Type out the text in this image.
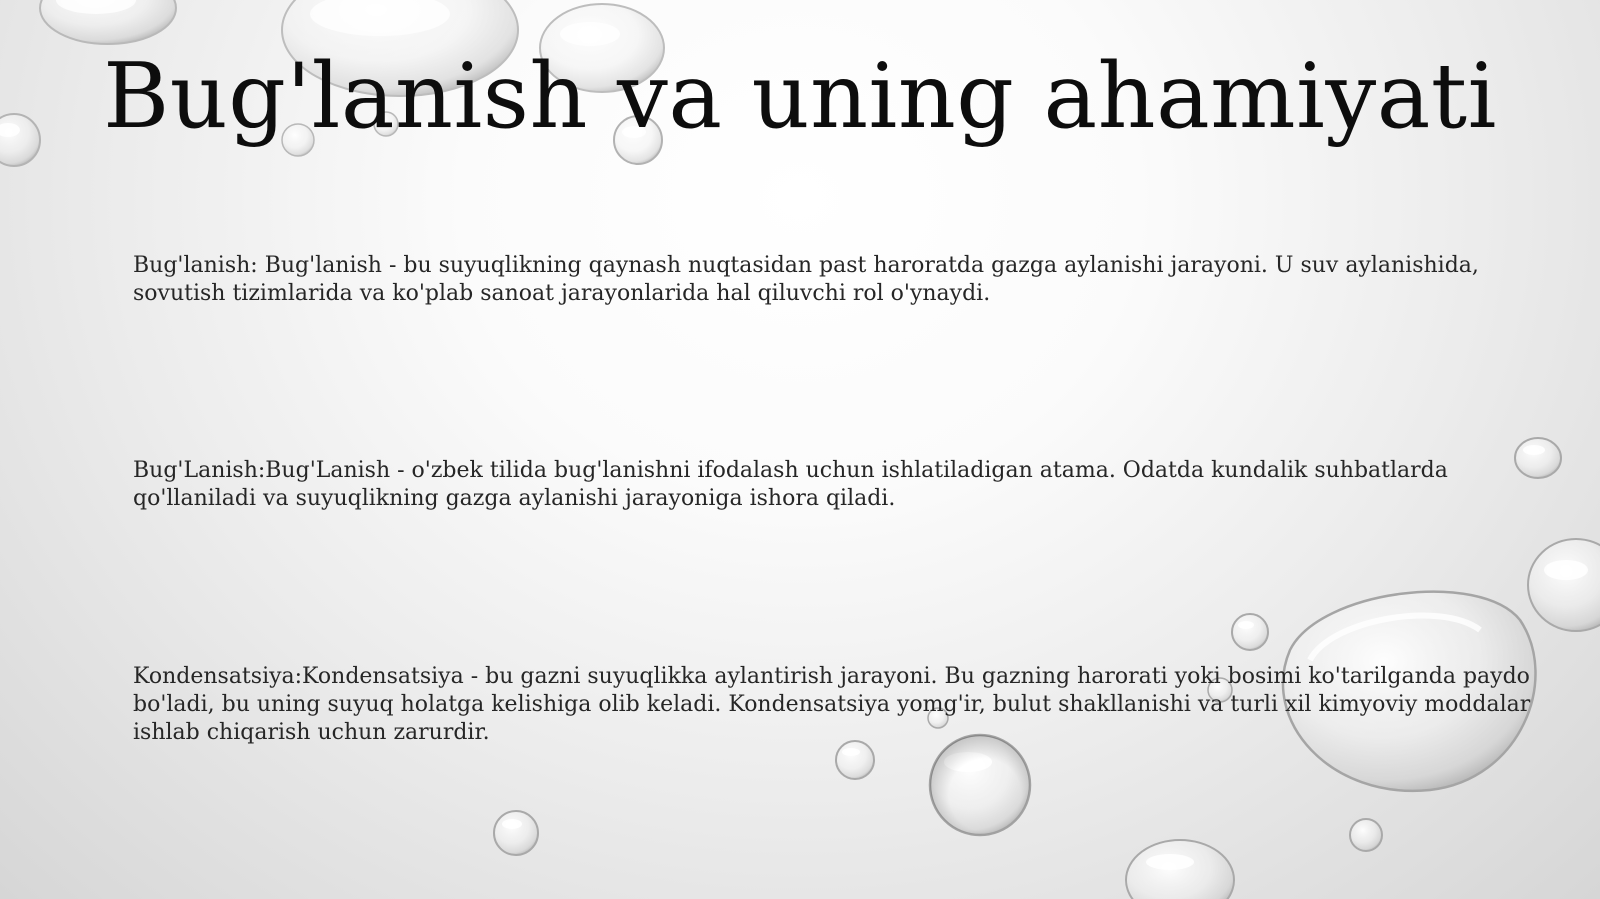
Bug'lanish va uning ahamiyati

Bug'lanish: Bug'lanish - bu suyuqlikning qaynash nuqtasidan past haroratda gazga aylanishi jarayoni. U suv aylanishida, sovutish tizimlarida va ko'plab sanoat jarayonlarida hal qiluvchi rol o'ynaydi.

Bug'Lanish:Bug'Lanish - o'zbek tilida bug'lanishni ifodalash uchun ishlatiladigan atama. Odatda kundalik suhbatlarda qo'llaniladi va suyuqlikning gazga aylanishi jarayoniga ishora qiladi.

Kondensatsiya:Kondensatsiya - bu gazni suyuqlikka aylantirish jarayoni. Bu gazning harorati yoki bosimi ko'tarilganda paydo bo'ladi, bu uning suyuq holatga kelishiga olib keladi. Kondensatsiya yomg'ir, bulut shakllanishi va turli xil kimyoviy moddalar ishlab chiqarish uchun zarurdir.
